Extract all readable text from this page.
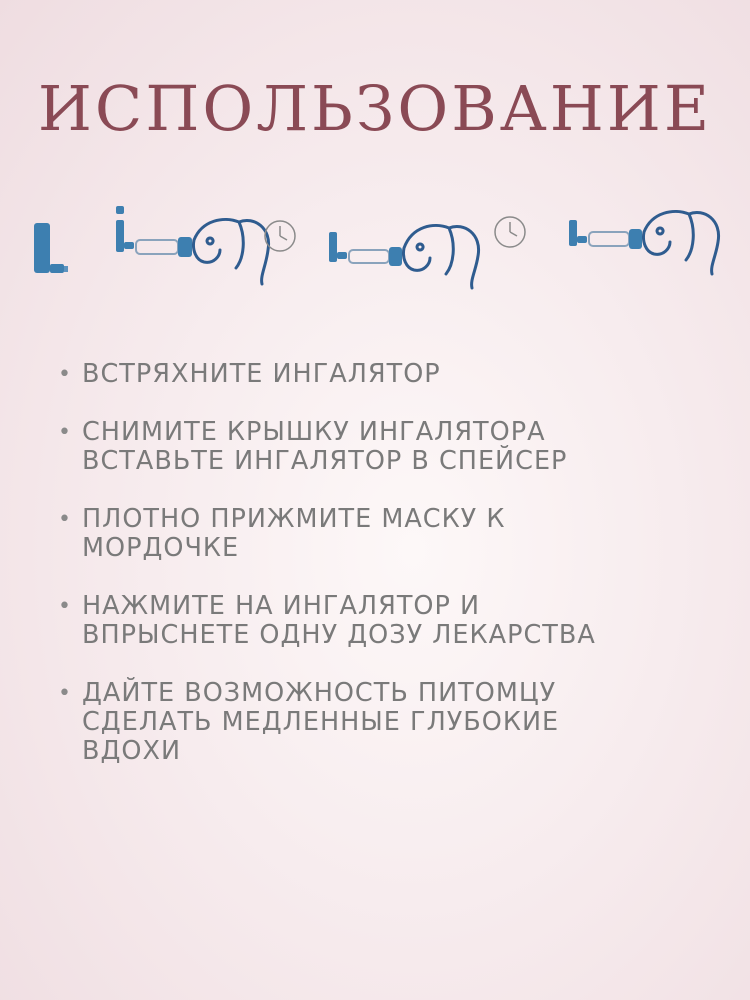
ИСПОЛЬЗОВАНИЕ
• ВСТРЯХНИТЕ ИНГАЛЯТОР
• СНИМИТЕ КРЫШКУ ИНГАЛЯТОРА
ВСТАВЬТЕ ИНГАЛЯТОР В СПЕЙСЕР
• ПЛОТНО ПРИЖМИТЕ МАСКУ К
МОРДОЧКЕ
• НАЖМИТЕ НА ИНГАЛЯТОР И
ВПРЫСНЕТЕ ОДНУ ДОЗУ ЛЕКАРСТВА
• ДАЙТЕ ВОЗМОЖНОСТЬ ПИТОМЦУ
СДЕЛАТЬ МЕДЛЕННЫЕ ГЛУБОКИЕ
ВДОХИ
